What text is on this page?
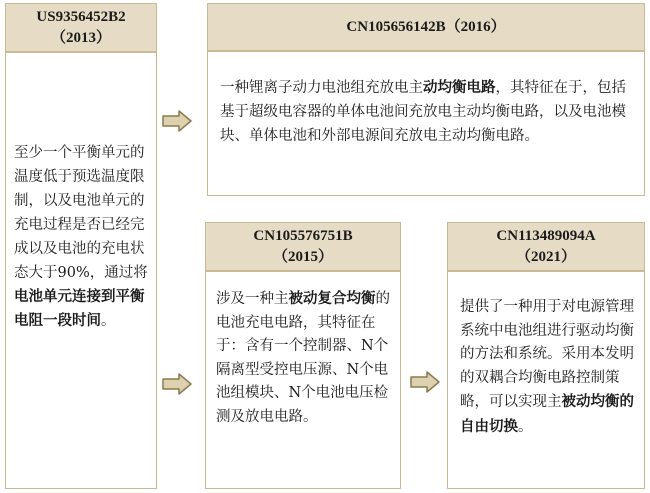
US9356452B2
（2013）
至少一个平衡单元的温度低于预选温度限制，以及电池单元的充电过程是否已经完成以及电池的充电状态大于90%，通过将电池单元连接到平衡电阻一段时间。
CN105656142B（2016）
一种锂离子动力电池组充放电主动均衡电路，其特征在于，包括基于超级电容器的单体电池间充放电主动均衡电路，以及电池模块、单体电池和外部电源间充放电主动均衡电路。
CN105576751B
（2015）
涉及一种主被动复合均衡的电池充电电路，其特征在于：含有一个控制器、N个隔离型受控电压源、N个电池组模块、N个电池电压检测及放电电路。
CN113489094A
（2021）
提供了一种用于对电源管理系统中电池组进行驱动均衡的方法和系统。采用本发明的双耦合均衡电路控制策略，可以实现主被动均衡的自由切换。
